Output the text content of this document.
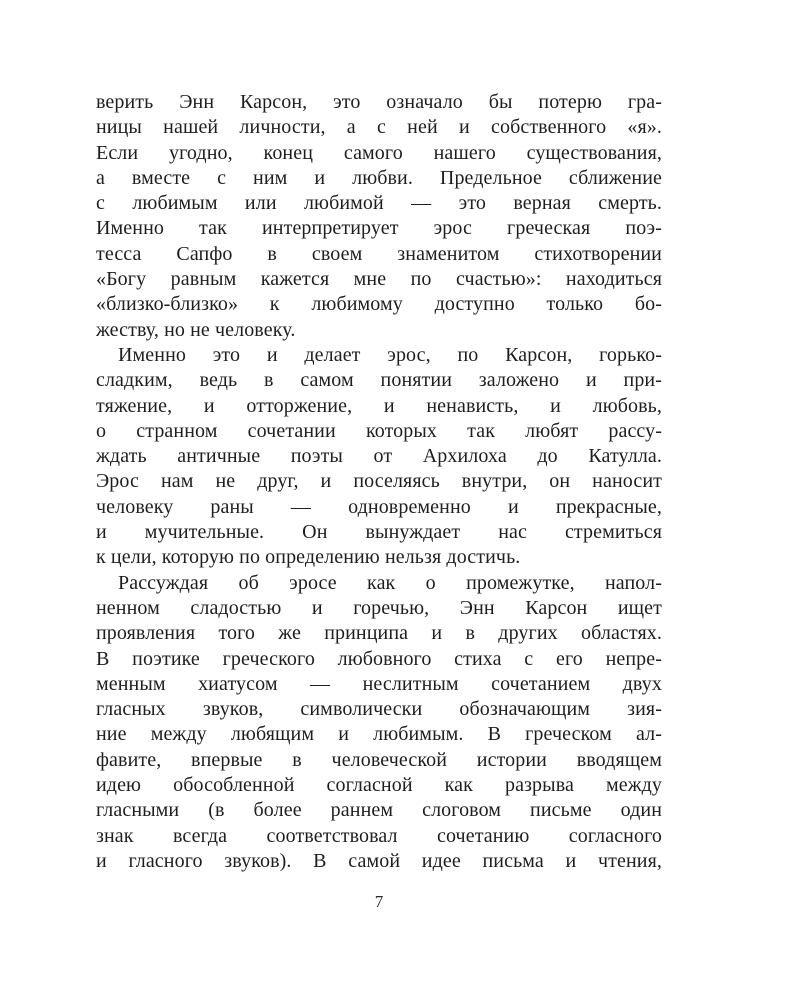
верить Энн Карсон, это означало бы потерю гра-
ницы нашей личности, а с ней и собственного «я».
Если угодно, конец самого нашего существования,
а вместе с ним и любви. Предельное сближение
с любимым или любимой — это верная смерть.
Именно так интерпретирует эрос греческая поэ-
тесса Сапфо в своем знаменитом стихотворении
«Богу равным кажется мне по счастью»: находиться
«близко-близко» к любимому доступно только бо-
жеству, но не человеку.
Именно это и делает эрос, по Карсон, горько-
сладким, ведь в самом понятии заложено и при-
тяжение, и отторжение, и ненависть, и любовь,
о странном сочетании которых так любят рассу-
ждать античные поэты от Архилоха до Катулла.
Эрос нам не друг, и поселяясь внутри, он наносит
человеку раны — одновременно и прекрасные,
и мучительные. Он вынуждает нас стремиться
к цели, которую по определению нельзя достичь.
Рассуждая об эросе как о промежутке, напол-
ненном сладостью и горечью, Энн Карсон ищет
проявления того же принципа и в других областях.
В поэтике греческого любовного стиха с его непре-
менным хиатусом — неслитным сочетанием двух
гласных звуков, символически обозначающим зия-
ние между любящим и любимым. В греческом ал-
фавите, впервые в человеческой истории вводящем
идею обособленной согласной как разрыва между
гласными (в более раннем слоговом письме один
знак всегда соответствовал сочетанию согласного
и гласного звуков). В самой идее письма и чтения,
7
